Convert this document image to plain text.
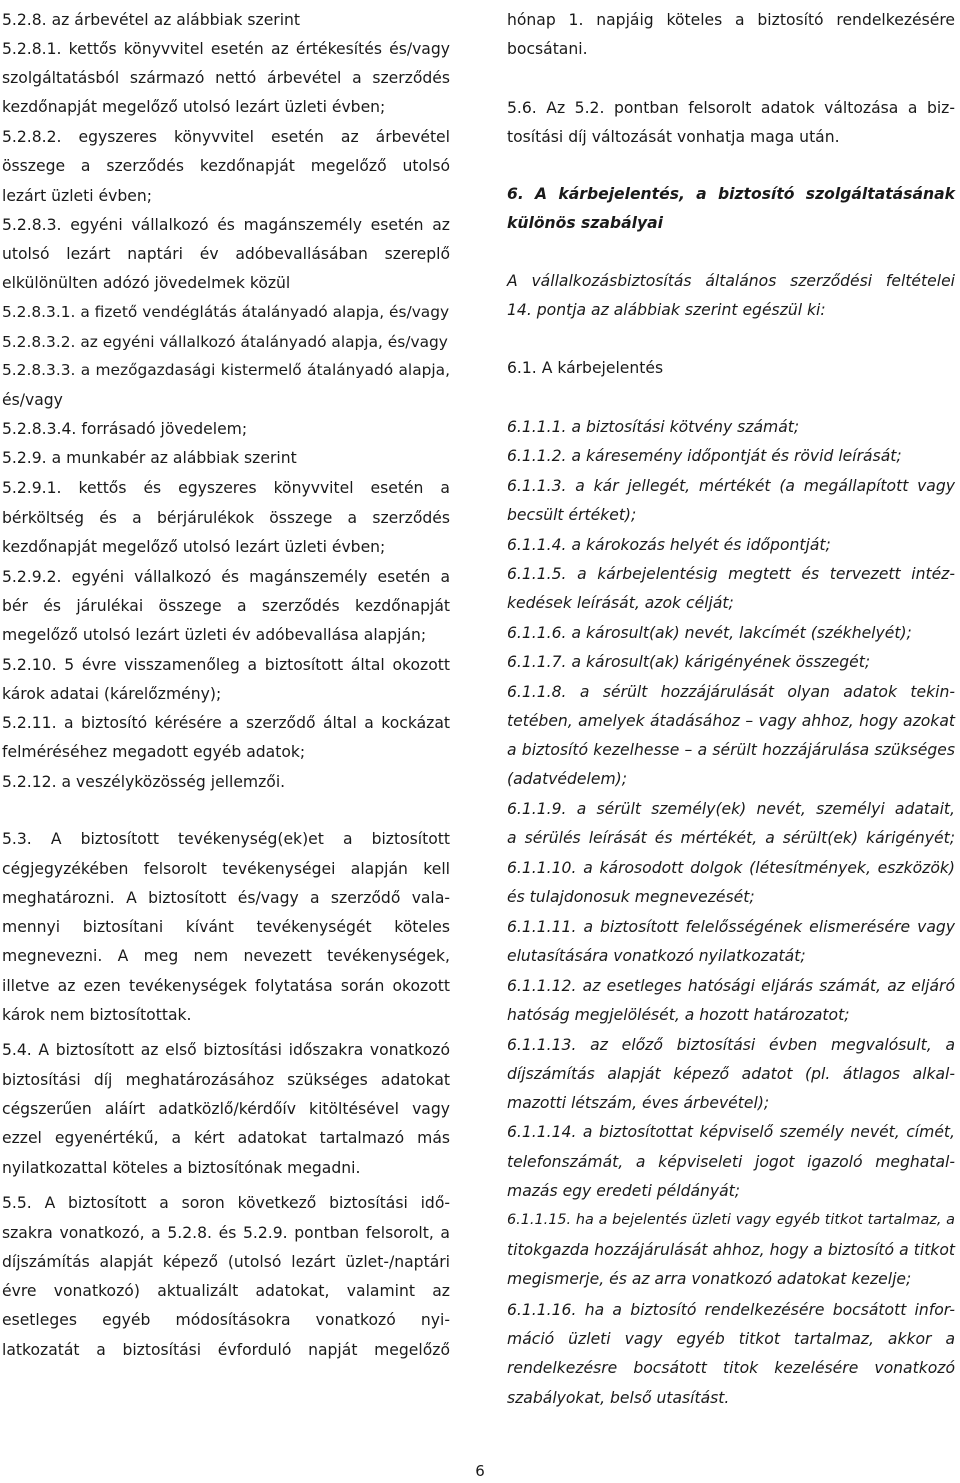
5.2.8. az árbevétel az alábbiak szerint
5.2.8.1. kettős könyvvitel esetén az értékesítés és/vagy
szolgáltatásból származó nettó árbevétel a szerződés
kezdőnapját megelőző utolsó lezárt üzleti évben;
5.2.8.2. egyszeres könyvvitel esetén az árbevétel
összege a szerződés kezdőnapját megelőző utolsó
lezárt üzleti évben;
5.2.8.3. egyéni vállalkozó és magánszemély esetén az
utolsó lezárt naptári év adóbevallásában szereplő
elkülönülten adózó jövedelmek közül
5.2.8.3.1. a fizető vendéglátás átalányadó alapja, és/vagy
5.2.8.3.2. az egyéni vállalkozó átalányadó alapja, és/vagy
5.2.8.3.3. a mezőgazdasági kistermelő átalányadó alapja,
és/vagy
5.2.8.3.4. forrásadó jövedelem;
5.2.9. a munkabér az alábbiak szerint
5.2.9.1. kettős és egyszeres könyvvitel esetén a
bérköltség és a bérjárulékok összege a szerződés
kezdőnapját megelőző utolsó lezárt üzleti évben;
5.2.9.2. egyéni vállalkozó és magánszemély esetén a
bér és járulékai összege a szerződés kezdőnapját
megelőző utolsó lezárt üzleti év adóbevallása alapján;
5.2.10. 5 évre visszamenőleg a biztosított által okozott
károk adatai (kárelőzmény);
5.2.11. a biztosító kérésére a szerződő által a kockázat
felméréséhez megadott egyéb adatok;
5.2.12. a veszélyközösség jellemzői.
5.3. A biztosított tevékenység(ek)et a biztosított
cégjegyzékében felsorolt tevékenységei alapján kell
meghatározni. A biztosított és/vagy a szerződő vala-
mennyi biztosítani kívánt tevékenységét köteles
megnevezni. A meg nem nevezett tevékenységek,
illetve az ezen tevékenységek folytatása során okozott
károk nem biztosítottak.
5.4. A biztosított az első biztosítási időszakra vonatkozó
biztosítási díj meghatározásához szükséges adatokat
cégszerűen aláírt adatközlő/kérdőív kitöltésével vagy
ezzel egyenértékű, a kért adatokat tartalmazó más
nyilatkozattal köteles a biztosítónak megadni.
5.5. A biztosított a soron következő biztosítási idő-
szakra vonatkozó, a 5.2.8. és 5.2.9. pontban felsorolt, a
díjszámítás alapját képező (utolsó lezárt üzlet-/naptári
évre vonatkozó) aktualizált adatokat, valamint az
esetleges egyéb módosításokra vonatkozó nyi-
latkozatát a biztosítási évforduló napját megelőző
hónap 1. napjáig köteles a biztosító rendelkezésére
bocsátani.
5.6. Az 5.2. pontban felsorolt adatok változása a biz-
tosítási díj változását vonhatja maga után.
6. A kárbejelentés, a biztosító szolgáltatásának
különös szabályai
A vállalkozásbiztosítás általános szerződési feltételei
14. pontja az alábbiak szerint egészül ki:
6.1. A kárbejelentés
6.1.1.1. a biztosítási kötvény számát;
6.1.1.2. a káresemény időpontját és rövid leírását;
6.1.1.3. a kár jellegét, mértékét (a megállapított vagy
becsült értéket);
6.1.1.4. a károkozás helyét és időpontját;
6.1.1.5. a kárbejelentésig megtett és tervezett intéz-
kedések leírását, azok célját;
6.1.1.6. a károsult(ak) nevét, lakcímét (székhelyét);
6.1.1.7. a károsult(ak) kárigényének összegét;
6.1.1.8. a sérült hozzájárulását olyan adatok tekin-
tetében, amelyek átadásához – vagy ahhoz, hogy azokat
a biztosító kezelhesse – a sérült hozzájárulása szükséges
(adatvédelem);
6.1.1.9. a sérült személy(ek) nevét, személyi adatait,
a sérülés leírását és mértékét, a sérült(ek) kárigényét;
6.1.1.10. a károsodott dolgok (létesítmények, eszközök)
és tulajdonosuk megnevezését;
6.1.1.11. a biztosított felelősségének elismerésére vagy
elutasítására vonatkozó nyilatkozatát;
6.1.1.12. az esetleges hatósági eljárás számát, az eljáró
hatóság megjelölését, a hozott határozatot;
6.1.1.13. az előző biztosítási évben megvalósult, a
díjszámítás alapját képező adatot (pl. átlagos alkal-
mazotti létszám, éves árbevétel);
6.1.1.14. a biztosítottat képviselő személy nevét, címét,
telefonszámát, a képviseleti jogot igazoló meghatal-
mazás egy eredeti példányát;
6.1.1.15. ha a bejelentés üzleti vagy egyéb titkot tartalmaz, a
titokgazda hozzájárulását ahhoz, hogy a biztosító a titkot
megismerje, és az arra vonatkozó adatokat kezelje;
6.1.1.16. ha a biztosító rendelkezésére bocsátott infor-
máció üzleti vagy egyéb titkot tartalmaz, akkor a
rendelkezésre bocsátott titok kezelésére vonatkozó
szabályokat, belső utasítást.
6
